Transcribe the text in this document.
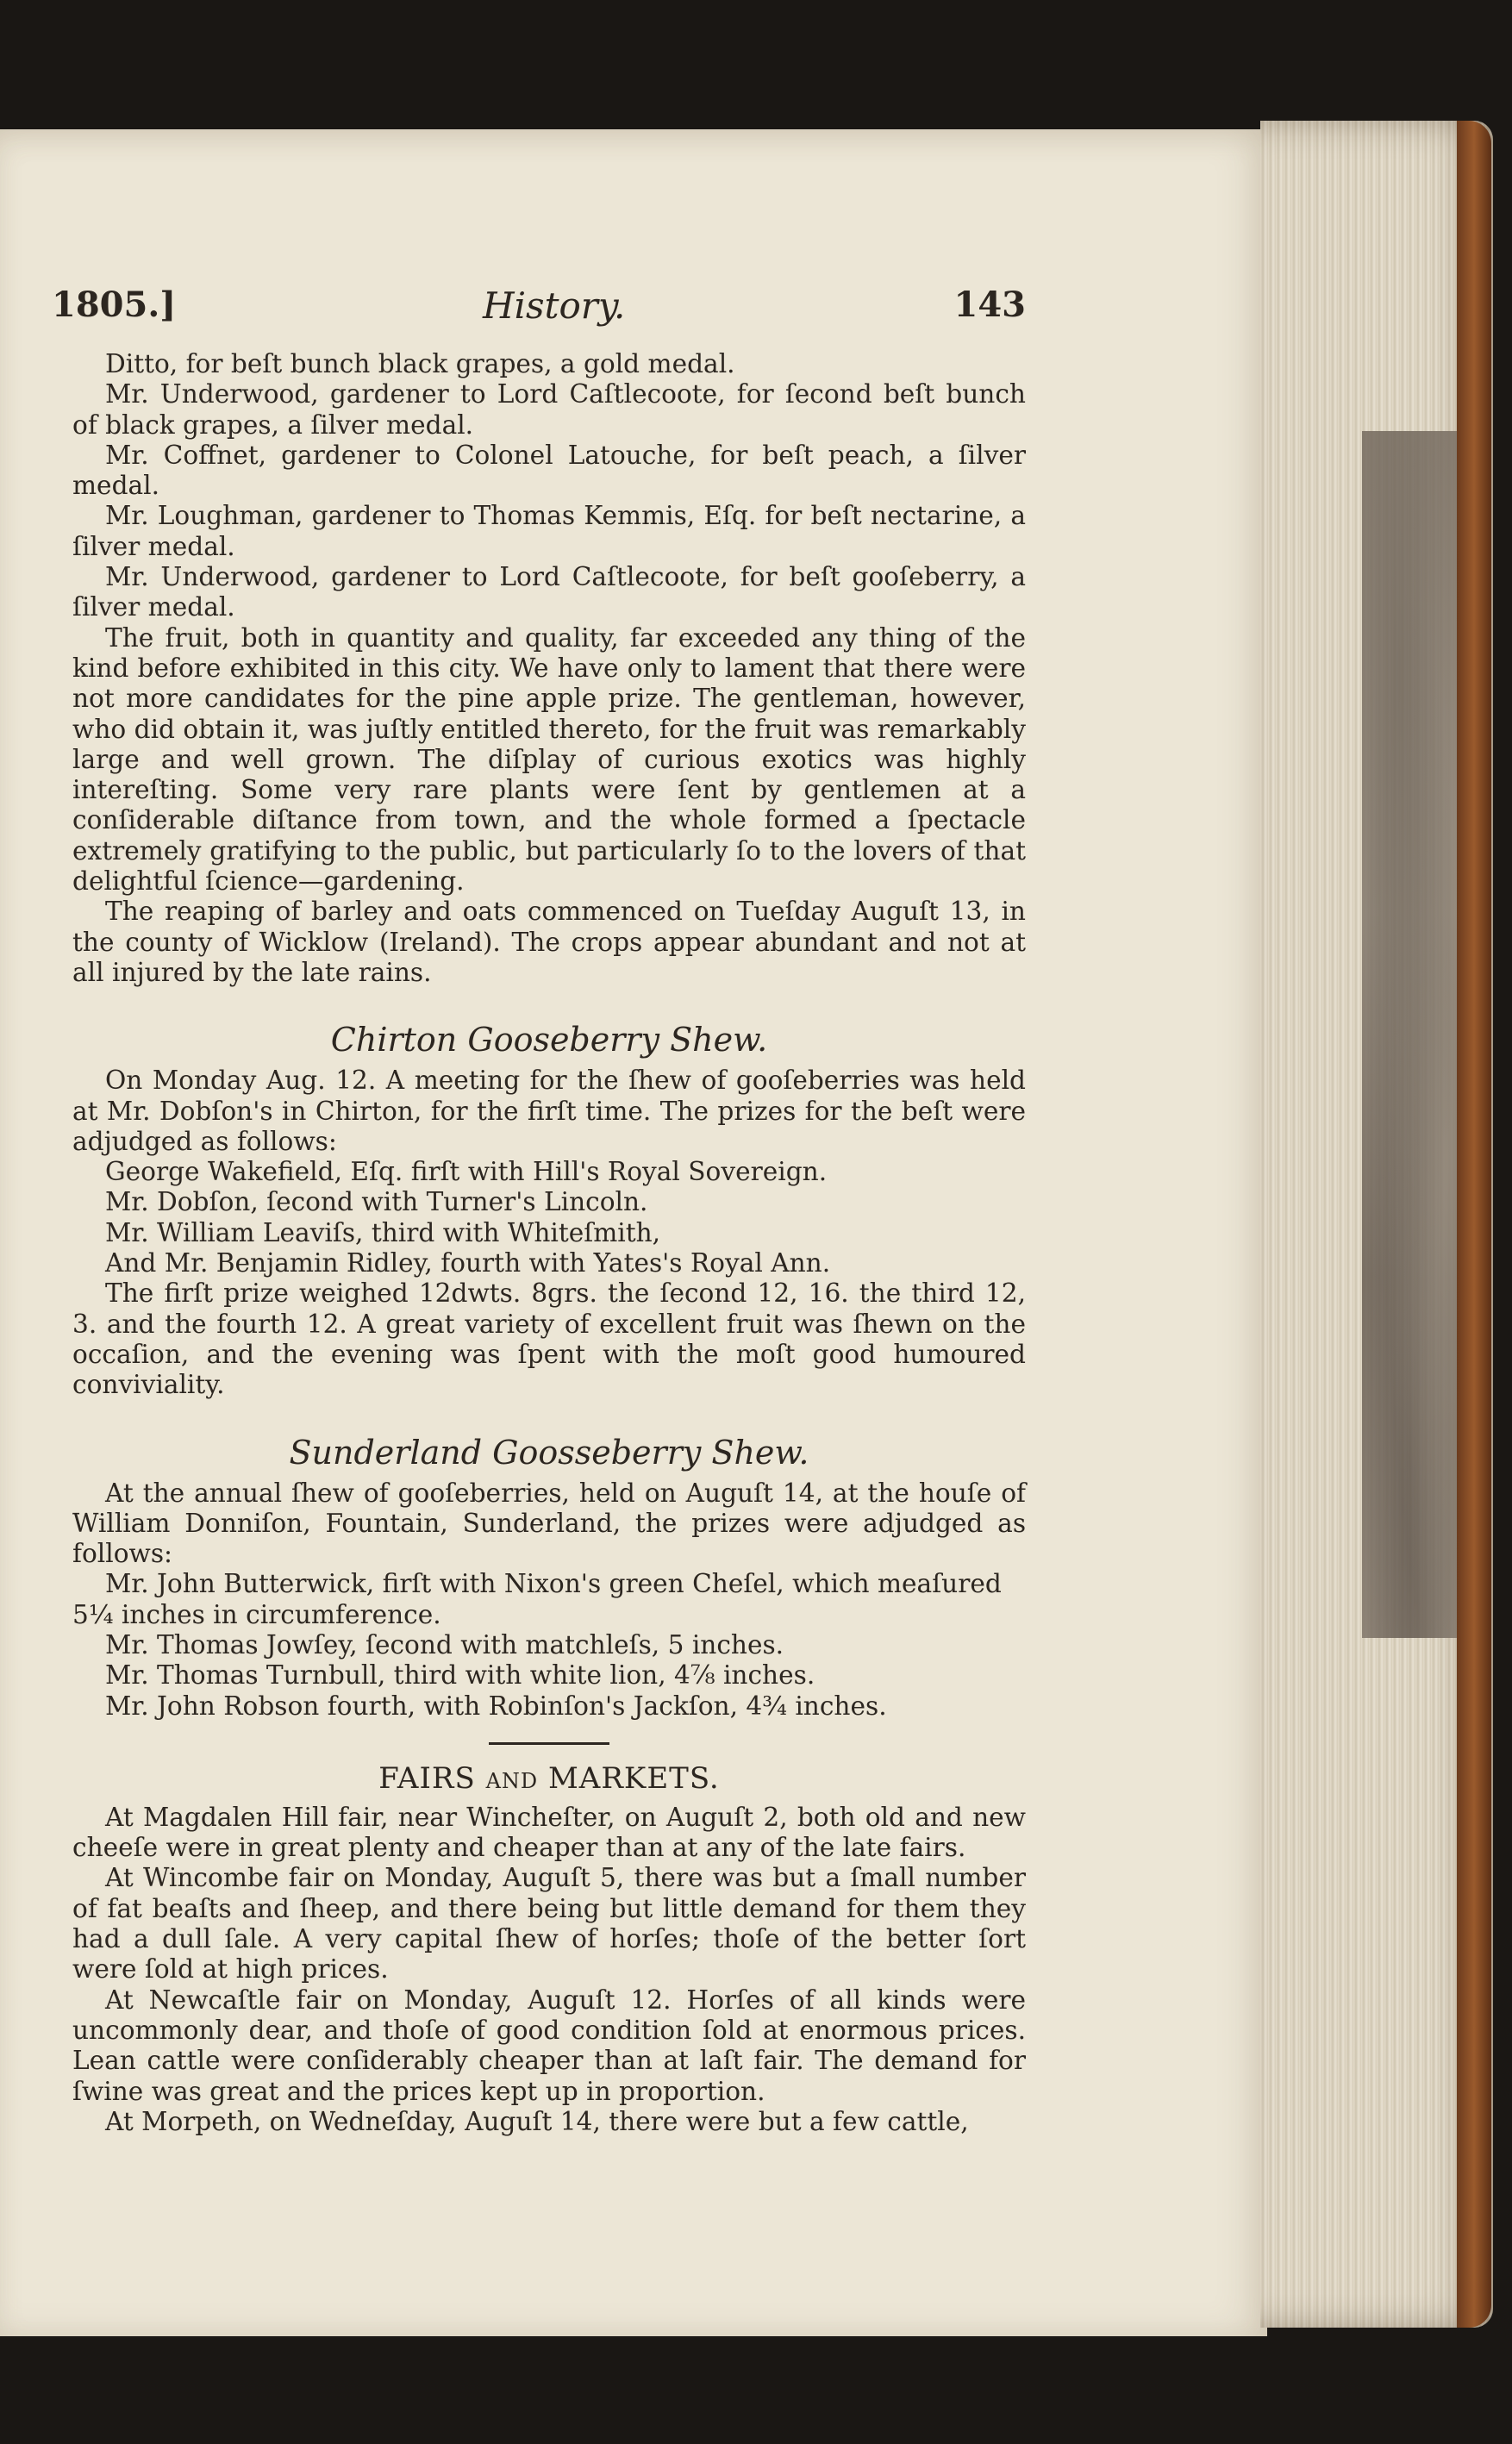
1805.]	History.	143

Ditto, for beſt bunch black grapes, a gold medal.

Mr. Underwood, gardener to Lord Caſtlecoote, for ſecond beſt bunch of black grapes, a ſilver medal.

Mr. Coffnet, gardener to Colonel Latouche, for beſt peach, a ſilver medal.

Mr. Loughman, gardener to Thomas Kemmis, Eſq. for beſt nectarine, a ſilver medal.

Mr. Underwood, gardener to Lord Caſtlecoote, for beſt gooſeberry, a ſilver medal.

The fruit, both in quantity and quality, far exceeded any thing of the kind before exhibited in this city. We have only to lament that there were not more candidates for the pine apple prize. The gentleman, however, who did obtain it, was juſtly entitled thereto, for the fruit was remarkably large and well grown. The diſplay of curious exotics was highly intereſting. Some very rare plants were ſent by gentlemen at a conſiderable diſtance from town, and the whole formed a ſpectacle extremely gratifying to the public, but particularly ſo to the lovers of that delightful ſcience—gardening.

The reaping of barley and oats commenced on Tueſday Auguſt 13, in the county of Wicklow (Ireland). The crops appear abundant and not at all injured by the late rains.

Chirton Gooseberry Shew.

On Monday Aug. 12. A meeting for the ſhew of gooſeberries was held at Mr. Dobſon's in Chirton, for the firſt time. The prizes for the beſt were adjudged as follows:

George Wakefield, Eſq. firſt with Hill's Royal Sovereign.

Mr. Dobſon, ſecond with Turner's Lincoln.

Mr. William Leaviſs, third with Whiteſmith,

And Mr. Benjamin Ridley, fourth with Yates's Royal Ann.

The firſt prize weighed 12dwts. 8grs. the ſecond 12, 16. the third 12, 3. and the fourth 12. A great variety of excellent fruit was ſhewn on the occaſion, and the evening was ſpent with the moſt good humoured conviviality.

Sunderland Goosseberry Shew.

At the annual ſhew of gooſeberries, held on Auguſt 14, at the houſe of William Donniſon, Fountain, Sunderland, the prizes were adjudged as follows:

Mr. John Butterwick, firſt with Nixon's green Cheſel, which meaſured 5¼ inches in circumference.

Mr. Thomas Jowſey, ſecond with matchleſs, 5 inches.

Mr. Thomas Turnbull, third with white lion, 4⅞ inches.

Mr. John Robson fourth, with Robinſon's Jackſon, 4¾ inches.

FAIRS AND MARKETS.

At Magdalen Hill fair, near Wincheſter, on Auguſt 2, both old and new cheeſe were in great plenty and cheaper than at any of the late fairs.

At Wincombe fair on Monday, Auguſt 5, there was but a ſmall number of fat beaſts and ſheep, and there being but little demand for them they had a dull ſale. A very capital ſhew of horſes; thoſe of the better ſort were ſold at high prices.

At Newcaſtle fair on Monday, Auguſt 12. Horſes of all kinds were uncommonly dear, and thoſe of good condition ſold at enormous prices. Lean cattle were conſiderably cheaper than at laſt fair. The demand for ſwine was great and the prices kept up in proportion.

At Morpeth, on Wedneſday, Auguſt 14, there were but a few cattle,
